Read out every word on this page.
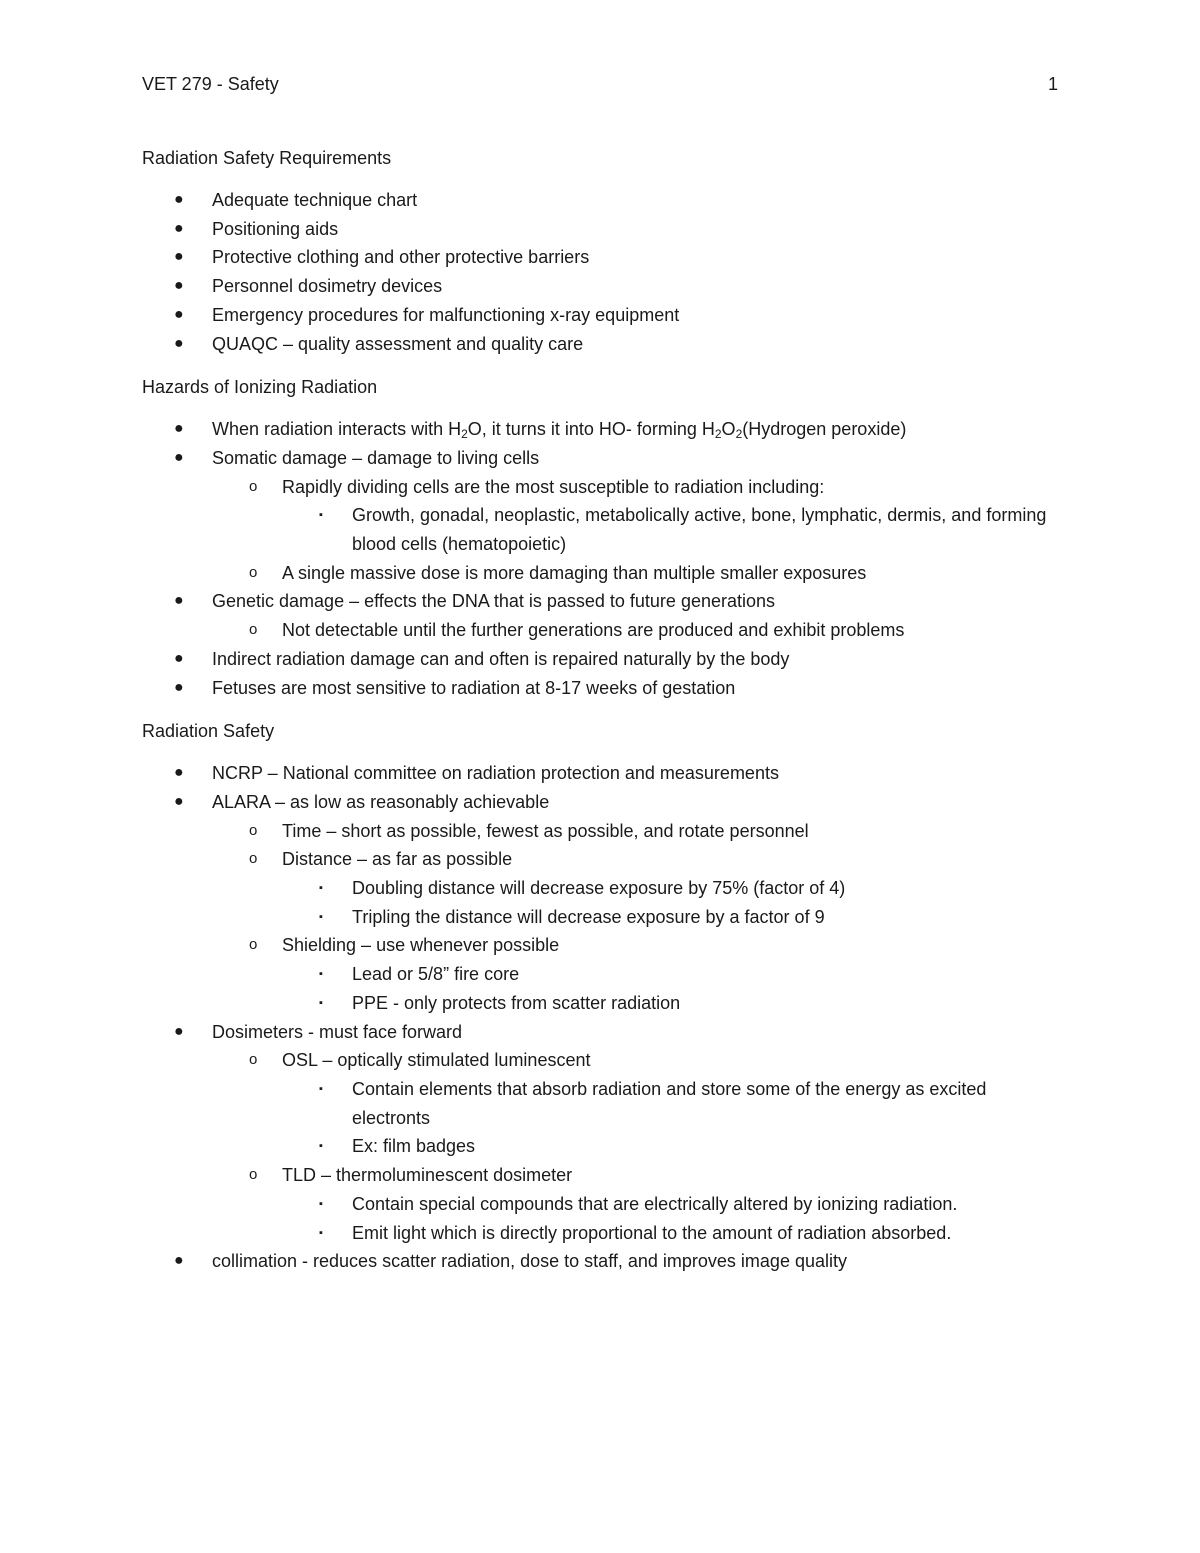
VET 279 - Safety	1
Radiation Safety Requirements
● Adequate technique chart
● Positioning aids
● Protective clothing and other protective barriers
● Personnel dosimetry devices
● Emergency procedures for malfunctioning x-ray equipment
● QUAQC – quality assessment and quality care
Hazards of Ionizing Radiation
● When radiation interacts with $H_2O$, it turns it into HO- forming $H_2O_2(Hydrogen$ peroxide)
● Somatic damage – damage to living cells
o Rapidly dividing cells are the most susceptible to radiation including:
▪ Growth, gonadal, neoplastic, metabolically active, bone, lymphatic, dermis, and forming blood cells (hematopoietic)
o A single massive dose is more damaging than multiple smaller exposures
● Genetic damage – effects the DNA that is passed to future generations
o Not detectable until the further generations are produced and exhibit problems
● Indirect radiation damage can and often is repaired naturally by the body
● Fetuses are most sensitive to radiation at 8-17 weeks of gestation
Radiation Safety
● NCRP – National committee on radiation protection and measurements
● ALARA – as low as reasonably achievable
o Time – short as possible, fewest as possible, and rotate personnel
o Distance – as far as possible
▪ Doubling distance will decrease exposure by 75% (factor of 4)
▪ Tripling the distance will decrease exposure by a factor of 9
o Shielding – use whenever possible
▪ Lead or 5/8” fire core
▪ PPE - only protects from scatter radiation
● Dosimeters - must face forward
o OSL – optically stimulated luminescent
▪ Contain elements that absorb radiation and store some of the energy as excited electronts
▪ Ex: film badges
o TLD – thermoluminescent dosimeter
▪ Contain special compounds that are electrically altered by ionizing radiation.
▪ Emit light which is directly proportional to the amount of radiation absorbed.
● collimation - reduces scatter radiation, dose to staff, and improves image quality
